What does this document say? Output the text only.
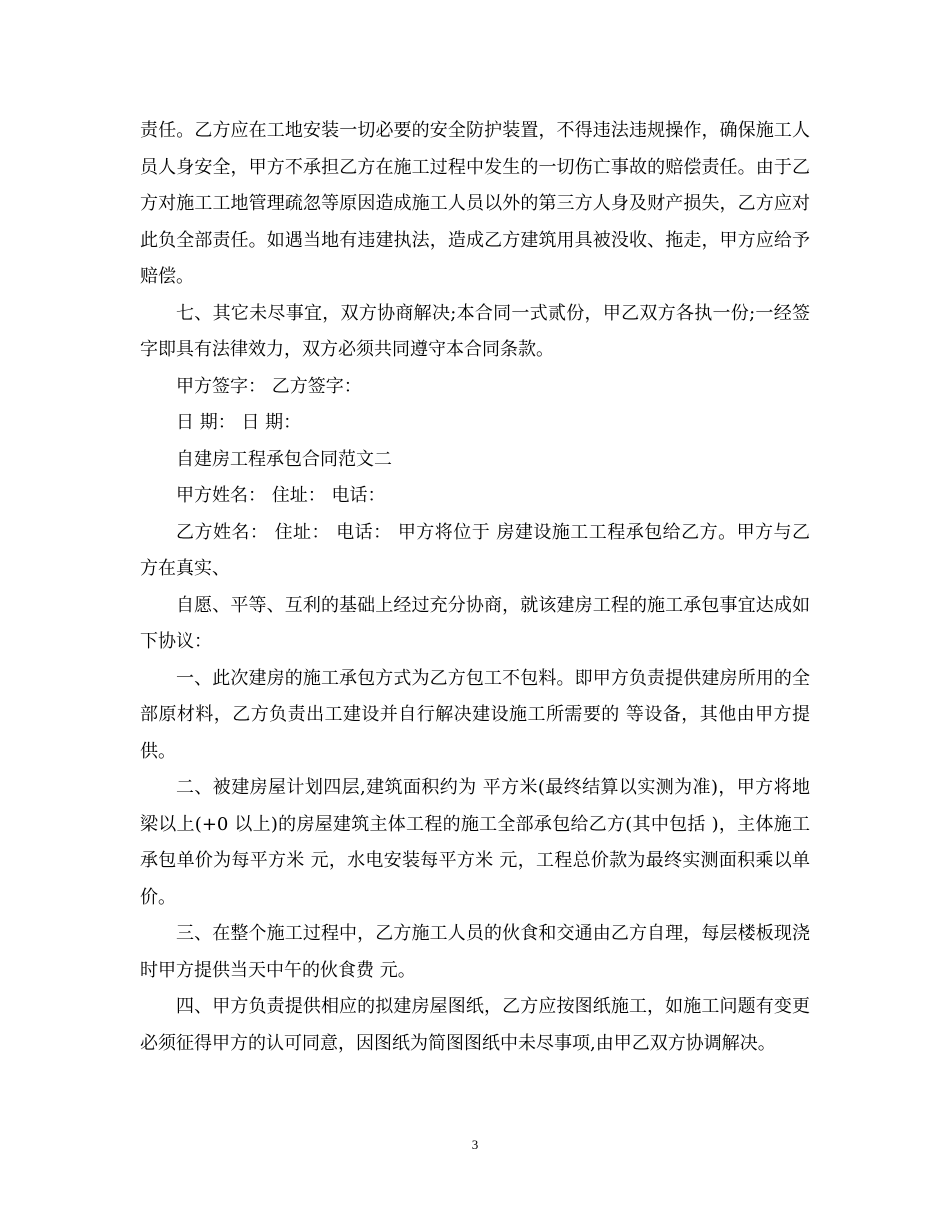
责任。乙方应在工地安装一切必要的安全防护装置，不得违法违规操作，确保施工人员人身安全，甲方不承担乙方在施工过程中发生的一切伤亡事故的赔偿责任。由于乙方对施工工地管理疏忽等原因造成施工人员以外的第三方人身及财产损失，乙方应对此负全部责任。如遇当地有违建执法，造成乙方建筑用具被没收、拖走，甲方应给予赔偿。

七、其它未尽事宜，双方协商解决;本合同一式贰份，甲乙双方各执一份;一经签字即具有法律效力，双方必须共同遵守本合同条款。

甲方签字： 乙方签字：

日 期： 日 期：

自建房工程承包合同范文二

甲方姓名： 住址： 电话：

乙方姓名： 住址： 电话： 甲方将位于 房建设施工工程承包给乙方。甲方与乙方在真实、

自愿、平等、互利的基础上经过充分协商，就该建房工程的施工承包事宜达成如下协议：

一、此次建房的施工承包方式为乙方包工不包料。即甲方负责提供建房所用的全部原材料，乙方负责出工建设并自行解决建设施工所需要的 等设备，其他由甲方提供。

二、被建房屋计划四层,建筑面积约为 平方米(最终结算以实测为准)，甲方将地梁以上(+0 以上)的房屋建筑主体工程的施工全部承包给乙方(其中包括 )，主体施工承包单价为每平方米 元，水电安装每平方米 元，工程总价款为最终实测面积乘以单价。

三、在整个施工过程中，乙方施工人员的伙食和交通由乙方自理，每层楼板现浇时甲方提供当天中午的伙食费 元。

四、甲方负责提供相应的拟建房屋图纸，乙方应按图纸施工，如施工问题有变更必须征得甲方的认可同意，因图纸为简图图纸中未尽事项,由甲乙双方协调解决。

3
